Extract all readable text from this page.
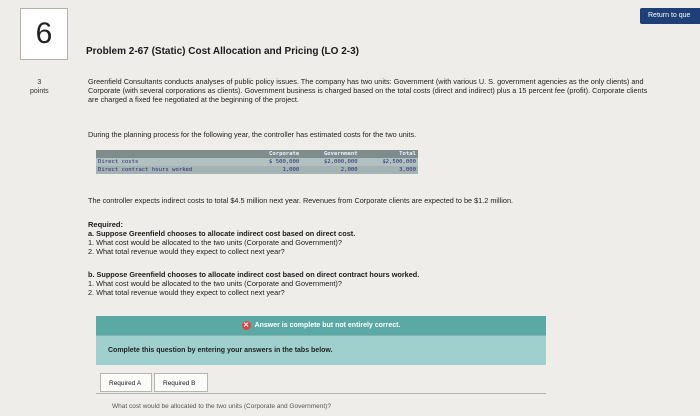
Return to que
6
3
points
Problem 2-67 (Static) Cost Allocation and Pricing (LO 2-3)
Greenfield Consultants conducts analyses of public policy issues. The company has two units: Government (with various U. S. government agencies as the only clients) and Corporate (with several corporations as clients). Government business is charged based on the total costs (direct and indirect) plus a 15 percent fee (profit). Corporate clients are charged a fixed fee negotiated at the beginning of the project.
During the planning process for the following year, the controller has estimated costs for the two units.
	Corporate	Government	Total
Direct costs	$ 500,000	$2,000,000	$2,500,000
Direct contract hours worked	1,000	2,000	3,000
The controller expects indirect costs to total $4.5 million next year. Revenues from Corporate clients are expected to be $1.2 million.
Required:
a. Suppose Greenfield chooses to allocate indirect cost based on direct cost.
1. What cost would be allocated to the two units (Corporate and Government)?
2. What total revenue would they expect to collect next year?
b. Suppose Greenfield chooses to allocate indirect cost based on direct contract hours worked.
1. What cost would be allocated to the two units (Corporate and Government)?
2. What total revenue would they expect to collect next year?
✕ Answer is complete but not entirely correct.
Complete this question by entering your answers in the tabs below.
Required A	Required B
What cost would be allocated to the two units (Corporate and Government)?
